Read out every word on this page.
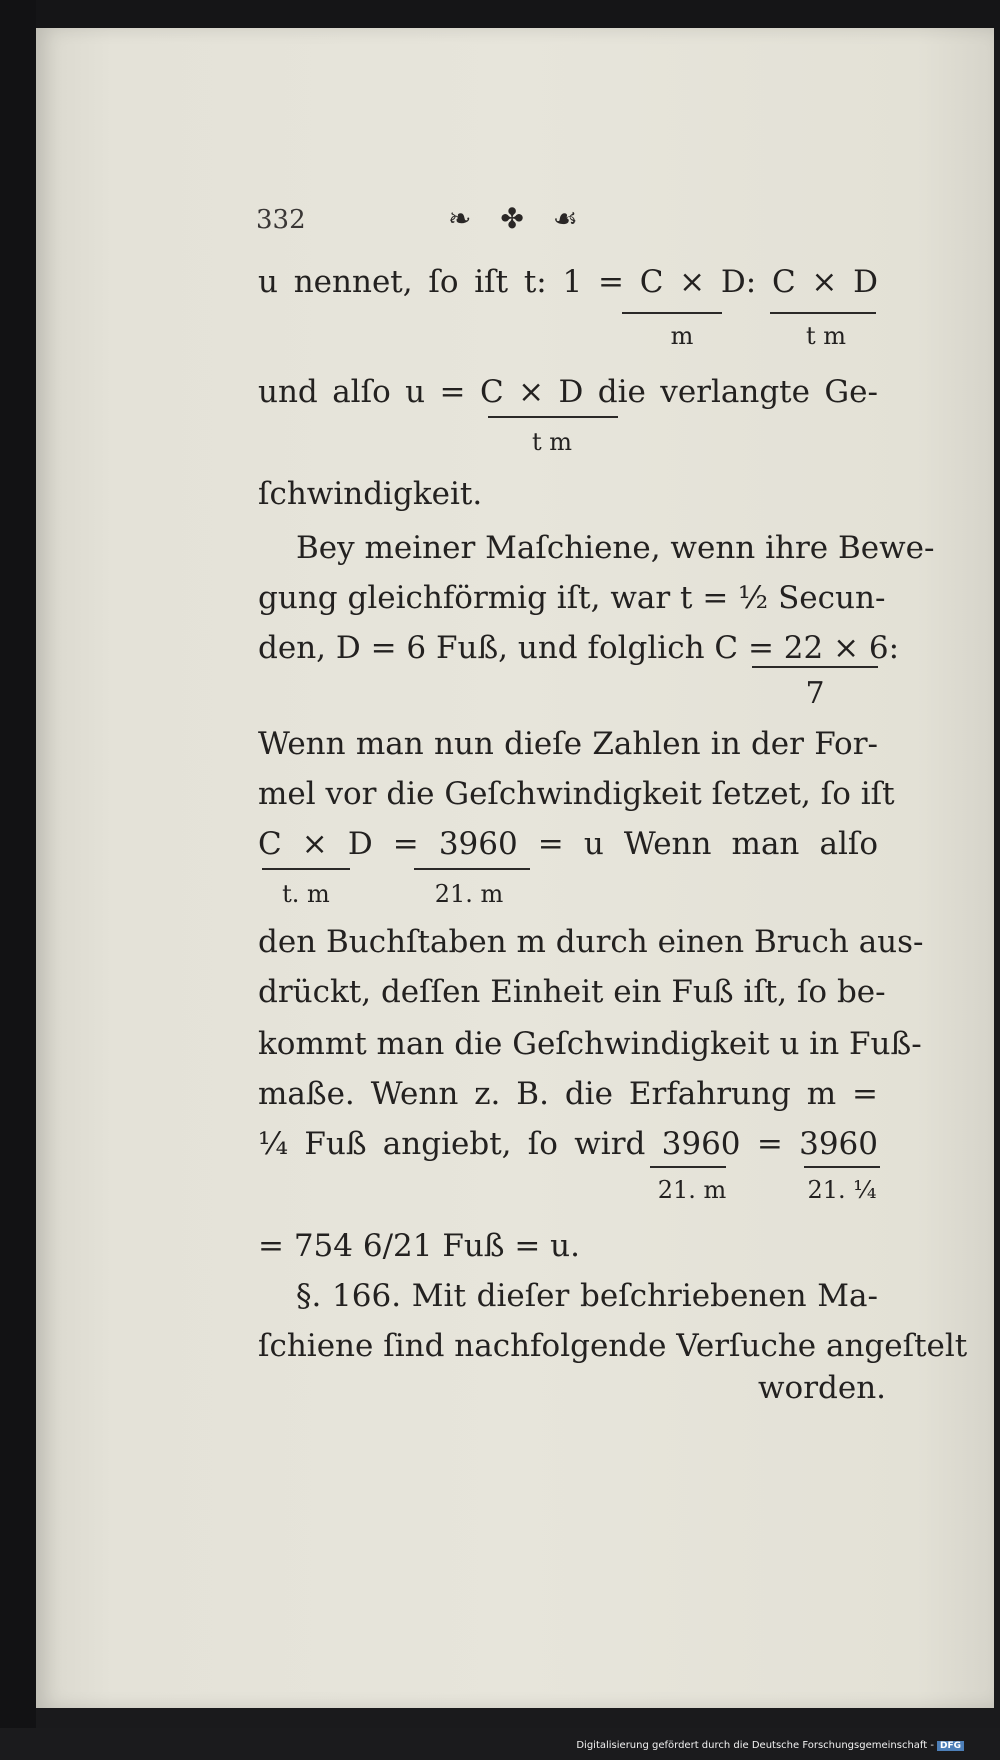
332	❧ ✤ ☙
u nennet, ſo iſt t: 1 = C × D: C × D
m	t m
und alſo u = C × D die verlangte Ge-
t m
ſchwindigkeit.
Bey meiner Maſchiene, wenn ihre Bewe-
gung gleichförmig iſt, war t = ½ Secun-
den, D = 6 Fuß, und folglich C = 22 × 6:
7
Wenn man nun dieſe Zahlen in der For-
mel vor die Geſchwindigkeit ſetzet, ſo iſt
C × D = 3960 = u Wenn man alſo
t. m	21. m
den Buchſtaben m durch einen Bruch aus-
drückt, deſſen Einheit ein Fuß iſt, ſo be-
kommt man die Geſchwindigkeit u in Fuß-
maße. Wenn z. B. die Erfahrung m =
¼ Fuß angiebt, ſo wird 3960 = 3960
21. m	21. ¼
= 754 6/21 Fuß = u.
§. 166. Mit dieſer beſchriebenen Ma-
ſchiene ſind nachfolgende Verſuche angeſtelt
worden.
Digitalisierung gefördert durch die Deutsche Forschungsgemeinschaft - DFG
